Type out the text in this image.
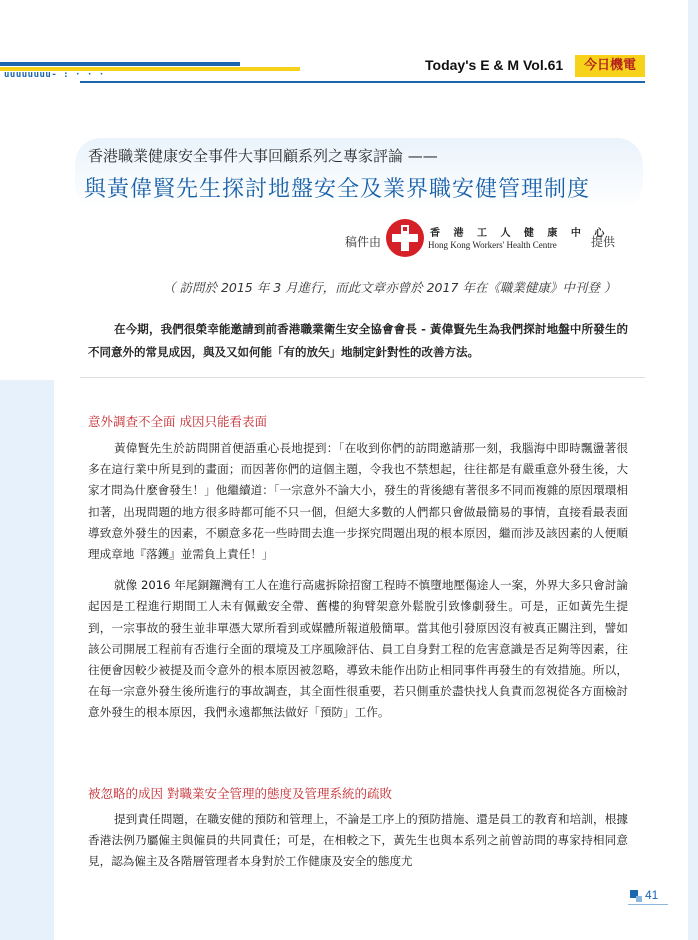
uuuuuuuu- : · · ·
Today's E & M Vol.61	今日機電
香港職業健康安全事件大事回顧系列之專家評論 ——
與黃偉賢先生探討地盤安全及業界職安健管理制度
稿件由
香 港 工 人 健 康 中 心
Hong Kong Workers' Health Centre	提供
（ 訪問於 2015 年 3 月進行，而此文章亦曾於 2017 年在《職業健康》中刊登 ）

在今期，我們很榮幸能邀請到前香港職業衛生安全協會會長 - 黃偉賢先生為我們探討地盤中所發生的不同意外的常見成因，與及又如何能「有的放矢」地制定針對性的改善方法。

意外調查不全面 成因只能看表面

黃偉賢先生於訪問開首便語重心長地提到：「在收到你們的訪問邀請那一刻，我腦海中即時飄盪著很多在這行業中所見到的畫面；而因著你們的這個主題，令我也不禁想起，往往都是有嚴重意外發生後，大家才問為什麼會發生！」他繼續道：「一宗意外不論大小，發生的背後總有著很多不同而複雜的原因環環相扣著，出現問題的地方很多時都可能不只一個，但絕大多數的人們都只會做最簡易的事情，直接看最表面導致意外發生的因素，不願意多花一些時間去進一步探究問題出現的根本原因，繼而涉及該因素的人便順理成章地『落鑊』並需負上責任！」

就像 2016 年尾銅鑼灣有工人在進行高處拆除招窗工程時不慎墮地壓傷途人一案，外界大多只會討論起因是工程進行期間工人未有佩戴安全帶、舊樓的狗臂架意外鬆脫引致慘劇發生。可是，正如黃先生提到，一宗事故的發生並非單憑大眾所看到或媒體所報道般簡單。當其他引發原因沒有被真正關注到，譬如該公司開展工程前有否進行全面的環境及工序風險評估、員工自身對工程的危害意識是否足夠等因素，往往便會因較少被提及而令意外的根本原因被忽略，導致未能作出防止相同事件再發生的有效措施。所以，在每一宗意外發生後所進行的事故調查，其全面性很重要，若只側重於盡快找人負責而忽視從各方面檢討意外發生的根本原因，我們永遠都無法做好「預防」工作。

被忽略的成因 對職業安全管理的態度及管理系統的疏敗

提到責任問題，在職安健的預防和管理上，不論是工序上的預防措施、還是員工的教育和培訓，根據香港法例乃屬僱主與僱員的共同責任；可是，在相較之下，黃先生也與本系列之前曾訪問的專家持相同意見，認為僱主及各階層管理者本身對於工作健康及安全的態度尤

41
